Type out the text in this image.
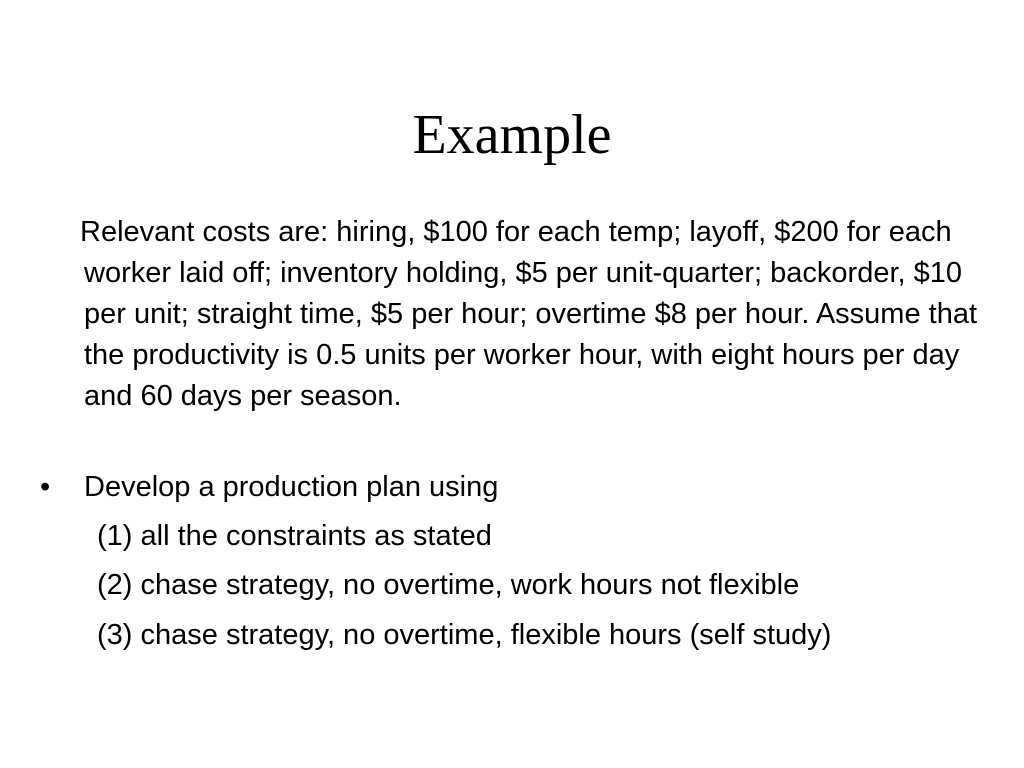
Example

Relevant costs are: hiring, $100 for each temp; layoff, $200 for each worker laid off; inventory holding, $5 per unit-quarter; backorder, $10 per unit; straight time, $5 per hour; overtime $8 per hour. Assume that the productivity is 0.5 units per worker hour, with eight hours per day and 60 days per season.

• Develop a production plan using

(1) all the constraints as stated

(2) chase strategy, no overtime, work hours not flexible

(3) chase strategy, no overtime, flexible hours (self study)
